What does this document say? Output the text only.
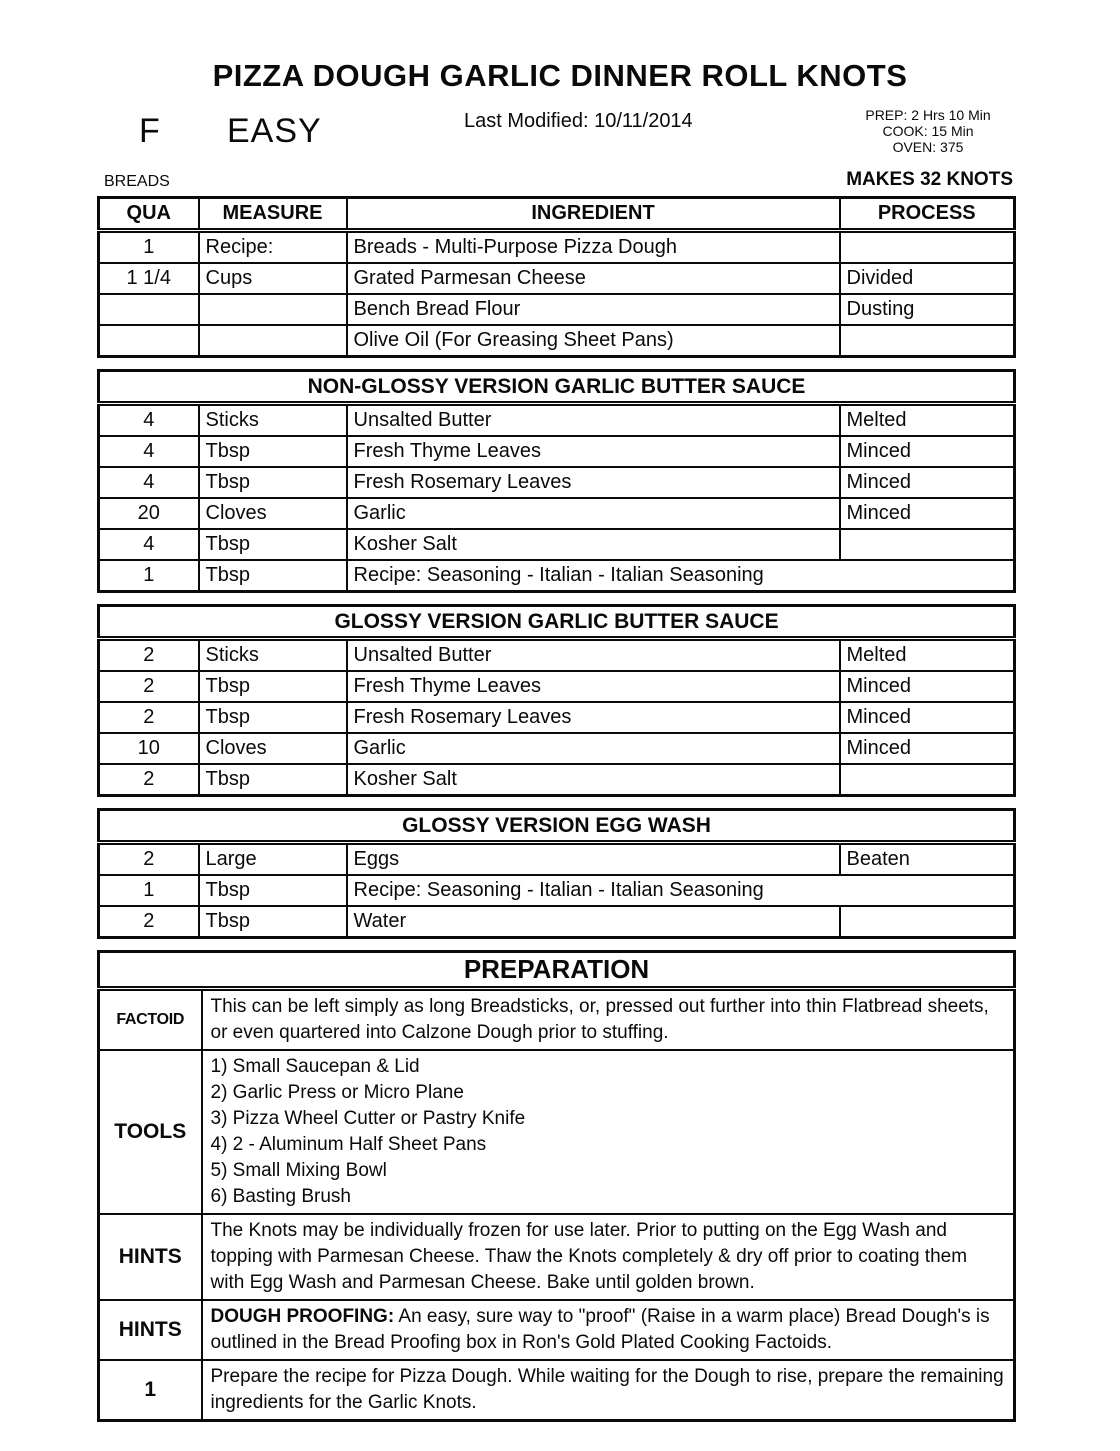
PIZZA DOUGH GARLIC DINNER ROLL KNOTS
Last Modified: 10/11/2014
F EASY	PREP: 2 Hrs 10 Min
COOK: 15 Min
OVEN: 375
BREADS	MAKES 32 KNOTS
QUA	MEASURE	INGREDIENT	PROCESS
1	Recipe:	Breads - Multi-Purpose Pizza Dough	
1 1/4	Cups	Grated Parmesan Cheese	Divided
		Bench Bread Flour	Dusting
		Olive Oil (For Greasing Sheet Pans)	
NON-GLOSSY VERSION GARLIC BUTTER SAUCE			
4	Sticks	Unsalted Butter	Melted
4	Tbsp	Fresh Thyme Leaves	Minced
4	Tbsp	Fresh Rosemary Leaves	Minced
20	Cloves	Garlic	Minced
4	Tbsp	Kosher Salt	
1	Tbsp	Recipe: Seasoning - Italian - Italian Seasoning	
GLOSSY VERSION GARLIC BUTTER SAUCE			
2	Sticks	Unsalted Butter	Melted
2	Tbsp	Fresh Thyme Leaves	Minced
2	Tbsp	Fresh Rosemary Leaves	Minced
10	Cloves	Garlic	Minced
2	Tbsp	Kosher Salt	
GLOSSY VERSION EGG WASH			
2	Large	Eggs	Beaten
1	Tbsp	Recipe: Seasoning - Italian - Italian Seasoning	
2	Tbsp	Water	
PREPARATION	
FACTOID	This can be left simply as long Breadsticks, or, pressed out further into thin Flatbread sheets, or even quartered into Calzone Dough prior to stuffing.
TOOLS	
1) Small Saucepan & Lid
2) Garlic Press or Micro Plane
3) Pizza Wheel Cutter or Pastry Knife
4) 2 - Aluminum Half Sheet Pans
5) Small Mixing Bowl
6) Basting Brush

HINTS	The Knots may be individually frozen for use later. Prior to putting on the Egg Wash and topping with Parmesan Cheese. Thaw the Knots completely & dry off prior to coating them with Egg Wash and Parmesan Cheese. Bake until golden brown.
HINTS	DOUGH PROOFING: An easy, sure way to "proof" (Raise in a warm place) Bread Dough's is outlined in the Bread Proofing box in Ron's Gold Plated Cooking Factoids.
1	Prepare the recipe for Pizza Dough. While waiting for the Dough to rise, prepare the remaining ingredients for the Garlic Knots.
